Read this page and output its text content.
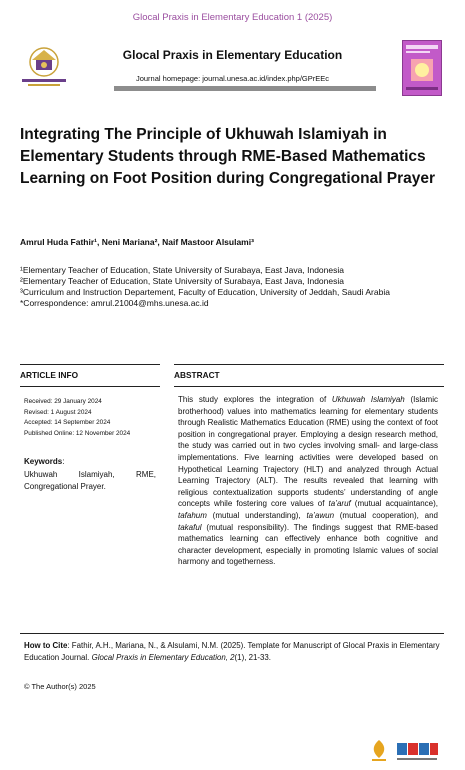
Glocal Praxis in Elementary Education 1 (2025)
Glocal Praxis in Elementary Education
Journal homepage: journal.unesa.ac.id/index.php/GPrEEc
Integrating The Principle of Ukhuwah Islamiyah in Elementary Students through RME-Based Mathematics Learning on Foot Position during Congregational Prayer
Amrul Huda Fathir¹, Neni Mariana², Naif Mastoor Alsulami³
¹Elementary Teacher of Education, State University of Surabaya, East Java, Indonesia
²Elementary Teacher of Education, State University of Surabaya, East Java, Indonesia
³Curriculum and Instruction Departement, Faculty of Education, University of Jeddah, Saudi Arabia
*Correspondence: amrul.21004@mhs.unesa.ac.id
ARTICLE INFO	ABSTRACT
Received: 29 January 2024
Revised: 1 August 2024
Accepted: 14 September 2024
Published Online: 12 November 2024
Keywords:
Ukhuwah Islamiyah, RME, Congregational Prayer.
This study explores the integration of Ukhuwah Islamiyah (Islamic brotherhood) values into mathematics learning for elementary students through Realistic Mathematics Education (RME) using the context of foot position in congregational prayer. Employing a design research method, the study was carried out in two cycles involving small- and large-class implementations. Five learning activities were developed based on Hypothetical Learning Trajectory (HLT) and analyzed through Actual Learning Trajectory (ALT). The results revealed that learning with religious contextualization supports students’ understanding of angle concepts while fostering core values of ta’aruf (mutual acquaintance), tafahum (mutual understanding), ta’awun (mutual cooperation), and takaful (mutual responsibility). The findings suggest that RME-based mathematics learning can effectively enhance both cognitive and character development, especially in promoting Islamic values of social harmony and togetherness.
How to Cite: Fathir, A.H., Mariana, N., & Alsulami, N.M. (2025). Template for Manuscript of Glocal Praxis in Elementary Education Journal. Glocal Praxis in Elementary Education, 2(1), 21-33.
© The Author(s) 2025
